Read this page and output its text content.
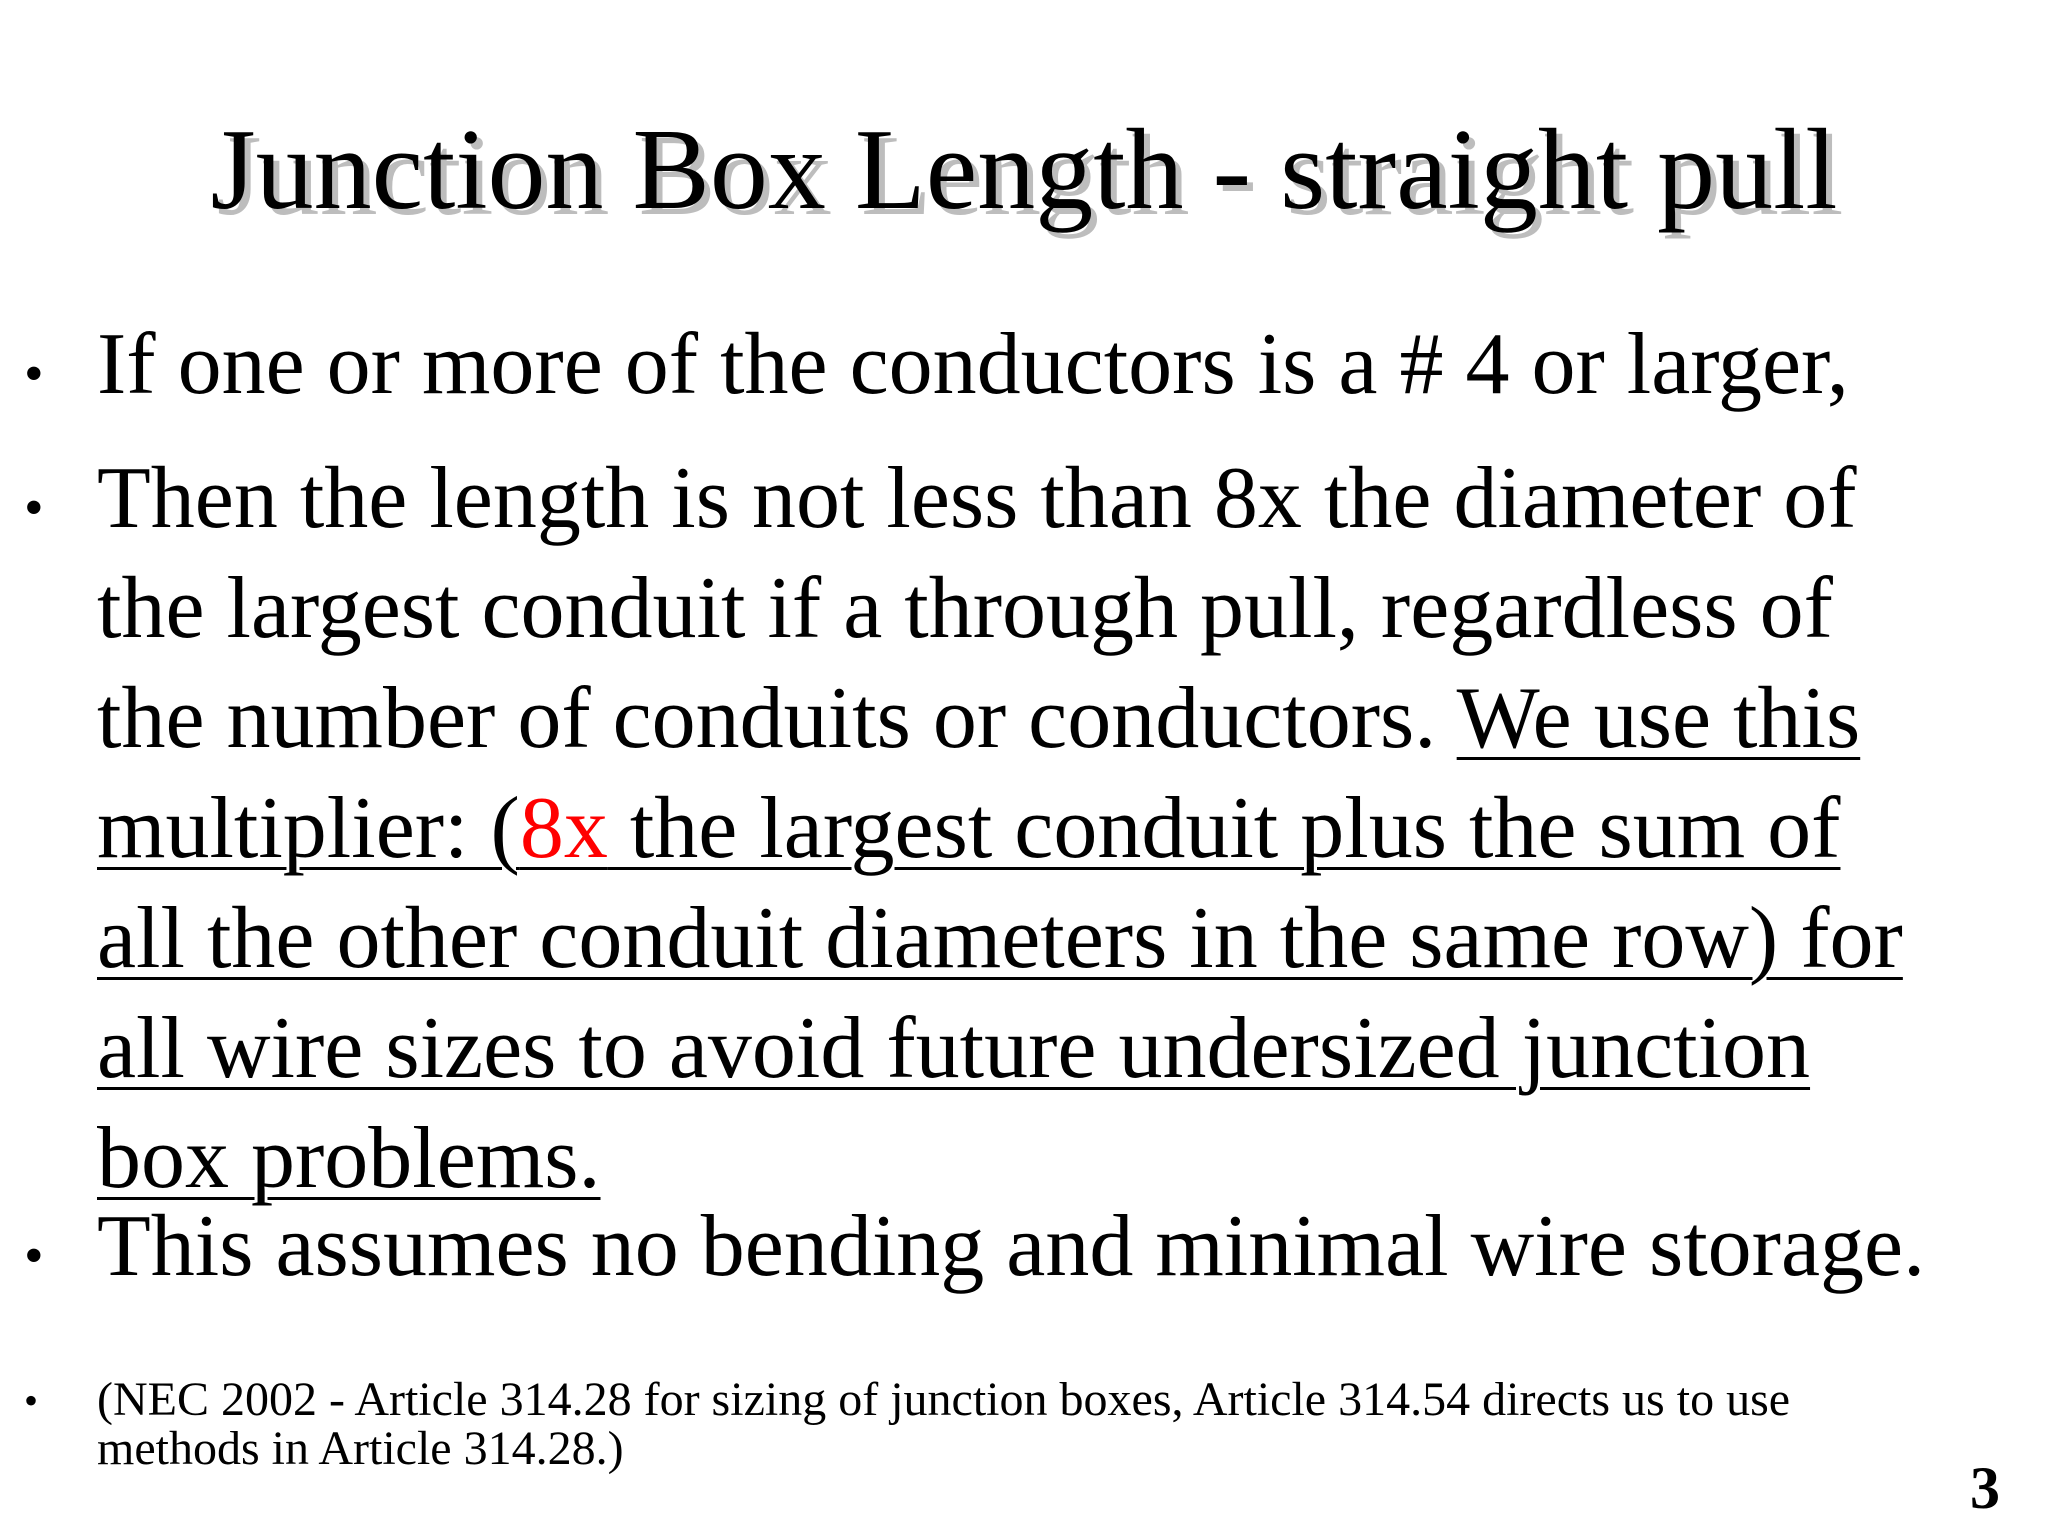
Junction Box Length - straight pull
• If one or more of the conductors is a # 4 or larger,
• Then the length is not less than 8x the diameter of
the largest conduit if a through pull, regardless of
the number of conduits or conductors. We use this
multiplier: (8x the largest conduit plus the sum of
all the other conduit diameters in the same row) for
all wire sizes to avoid future undersized junction
box problems.
• This assumes no bending and minimal wire storage.
• (NEC 2002 - Article 314.28 for sizing of junction boxes, Article 314.54 directs us to use
methods in Article 314.28.)
3
